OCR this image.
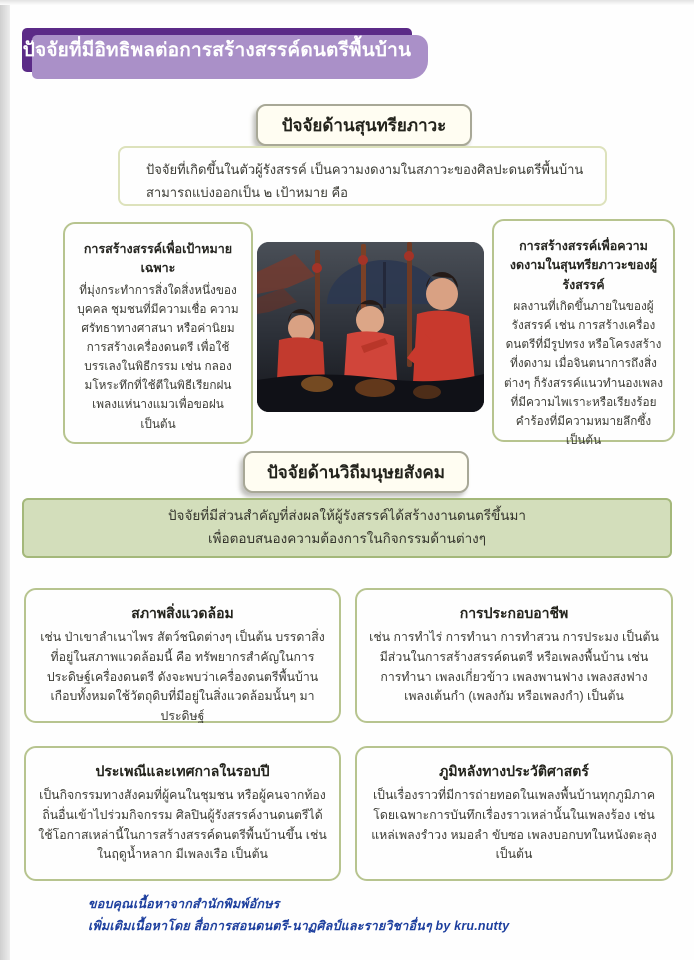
ปัจจัยที่มีอิทธิพลต่อการสร้างสรรค์ดนตรีพื้นบ้าน
ปัจจัยด้านสุนทรียภาวะ
ปัจจัยที่เกิดขึ้นในตัวผู้รังสรรค์ เป็นความงดงามในสภาวะของศิลปะดนตรีพื้นบ้าน
สามารถแบ่งออกเป็น ๒ เป้าหมาย คือ
การสร้างสรรค์เพื่อเป้าหมายเฉพาะ

ที่มุ่งกระทำการสิ่งใดสิ่งหนึ่งของบุคคล ชุมชนที่มีความเชื่อ ความศรัทธาทางศาสนา หรือค่านิยมการสร้างเครื่องดนตรี เพื่อใช้บรรเลงในพิธีกรรม เช่น กลองมโหระทึกที่ใช้ตีในพิธีเรียกฝน เพลงแห่นางแมวเพื่อขอฝน เป็นต้น

การสร้างสรรค์เพื่อความงดงามในสุนทรียภาวะของผู้รังสรรค์

ผลงานที่เกิดขึ้นภายในของผู้รังสรรค์ เช่น การสร้างเครื่องดนตรีที่มีรูปทรง หรือโครงสร้างที่งดงาม เมื่อจินตนาการถึงสิ่งต่างๆ ก็รังสรรค์แนวทำนองเพลงที่มีความไพเราะหรือเรียงร้อยคำร้องที่มีความหมายลึกซึ้ง เป็นต้น

ปัจจัยด้านวิถีมนุษยสังคม
ปัจจัยที่มีส่วนสำคัญที่ส่งผลให้ผู้รังสรรค์ได้สร้างงานดนตรีขึ้นมา
เพื่อตอบสนองความต้องการในกิจกรรมด้านต่างๆ
สภาพสิ่งแวดล้อม

เช่น ป่าเขาลำเนาไพร สัตว์ชนิดต่างๆ เป็นต้น บรรดาสิ่งที่อยู่ในสภาพแวดล้อมนี้ คือ ทรัพยากรสำคัญในการประดิษฐ์เครื่องดนตรี ดังจะพบว่าเครื่องดนตรีพื้นบ้านเกือบทั้งหมดใช้วัตถุดิบที่มีอยู่ในสิ่งแวดล้อมนั้นๆ มาประดิษฐ์

การประกอบอาชีพ

เช่น การทำไร่ การทำนา การทำสวน การประมง เป็นต้น มีส่วนในการสร้างสรรค์ดนตรี หรือเพลงพื้นบ้าน เช่น การทำนา เพลงเกี่ยวข้าว เพลงพานฟาง เพลงสงฟาง เพลงเต้นกำ (เพลงกัม หรือเพลงกำ) เป็นต้น

ประเพณีและเทศกาลในรอบปี

เป็นกิจกรรมทางสังคมที่ผู้คนในชุมชน หรือผู้คนจากท้องถิ่นอื่นเข้าไปร่วมกิจกรรม ศิลปินผู้รังสรรค์งานดนตรีได้ใช้โอกาสเหล่านี้ในการสร้างสรรค์ดนตรีพื้นบ้านขึ้น เช่น ในฤดูน้ำหลาก มีเพลงเรือ เป็นต้น

ภูมิหลังทางประวัติศาสตร์

เป็นเรื่องราวที่มีการถ่ายทอดในเพลงพื้นบ้านทุกภูมิภาค โดยเฉพาะการบันทึกเรื่องราวเหล่านั้นในเพลงร้อง เช่น แหล่เพลงรำวง หมอลำ ขับซอ เพลงบอกบทในหนังตะลุง เป็นต้น

ขอบคุณเนื้อหาจากสำนักพิมพ์อักษร
เพิ่มเติมเนื้อหาโดย สื่อการสอนดนตรี-นาฏศิลป์และรายวิชาอื่นๆ by kru.nutty
